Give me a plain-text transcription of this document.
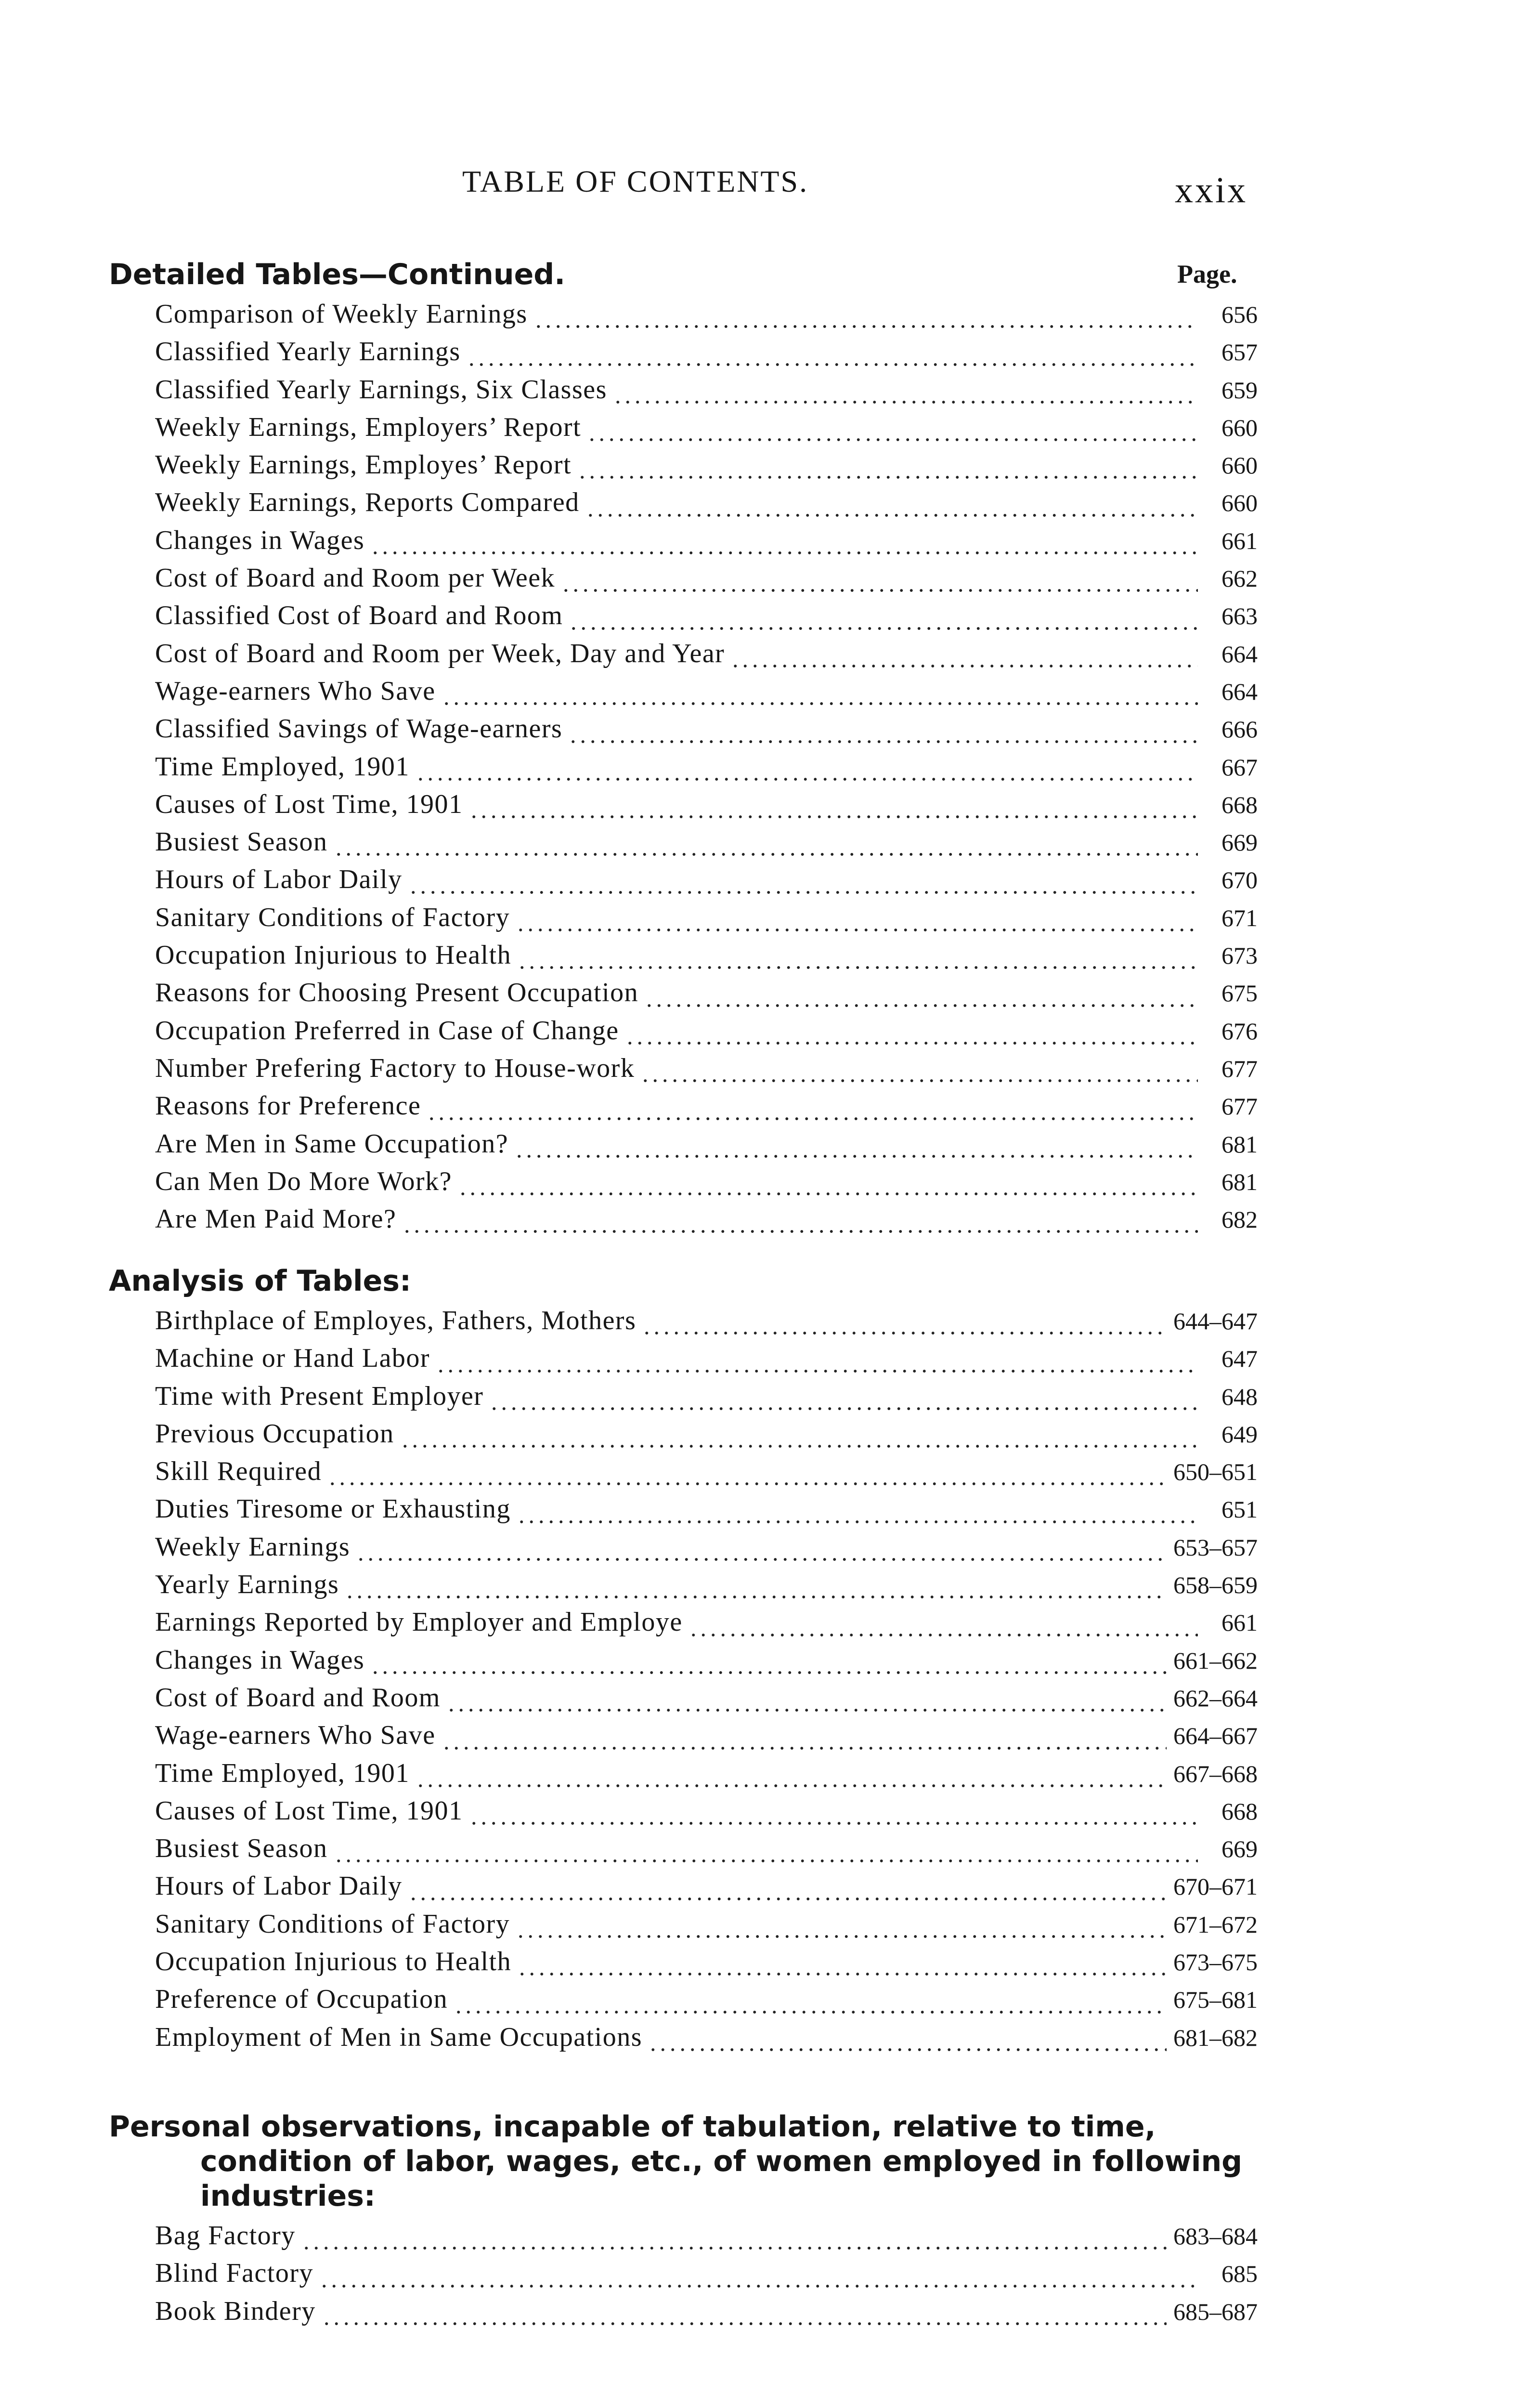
TABLE OF CONTENTS.	xxix
Detailed Tables—Continued.	Page.
Comparison of Weekly Earnings	656
Classified Yearly Earnings	657
Classified Yearly Earnings, Six Classes	659
Weekly Earnings, Employers’ Report	660
Weekly Earnings, Employes’ Report	660
Weekly Earnings, Reports Compared	660
Changes in Wages	661
Cost of Board and Room per Week	662
Classified Cost of Board and Room	663
Cost of Board and Room per Week, Day and Year	664
Wage-earners Who Save	664
Classified Savings of Wage-earners	666
Time Employed, 1901	667
Causes of Lost Time, 1901	668
Busiest Season	669
Hours of Labor Daily	670
Sanitary Conditions of Factory	671
Occupation Injurious to Health	673
Reasons for Choosing Present Occupation	675
Occupation Preferred in Case of Change	676
Number Prefering Factory to House-work	677
Reasons for Preference	677
Are Men in Same Occupation?	681
Can Men Do More Work?	681
Are Men Paid More?	682
Analysis of Tables:
Birthplace of Employes, Fathers, Mothers	644–647
Machine or Hand Labor	647
Time with Present Employer	648
Previous Occupation	649
Skill Required	650–651
Duties Tiresome or Exhausting	651
Weekly Earnings	653–657
Yearly Earnings	658–659
Earnings Reported by Employer and Employe	661
Changes in Wages	661–662
Cost of Board and Room	662–664
Wage-earners Who Save	664–667
Time Employed, 1901	667–668
Causes of Lost Time, 1901	668
Busiest Season	669
Hours of Labor Daily	670–671
Sanitary Conditions of Factory	671–672
Occupation Injurious to Health	673–675
Preference of Occupation	675–681
Employment of Men in Same Occupations	681–682
Personal observations, incapable of tabulation, relative to time, condition of labor, wages, etc., of women employed in following industries:
Bag Factory	683–684
Blind Factory	685
Book Bindery	685–687
